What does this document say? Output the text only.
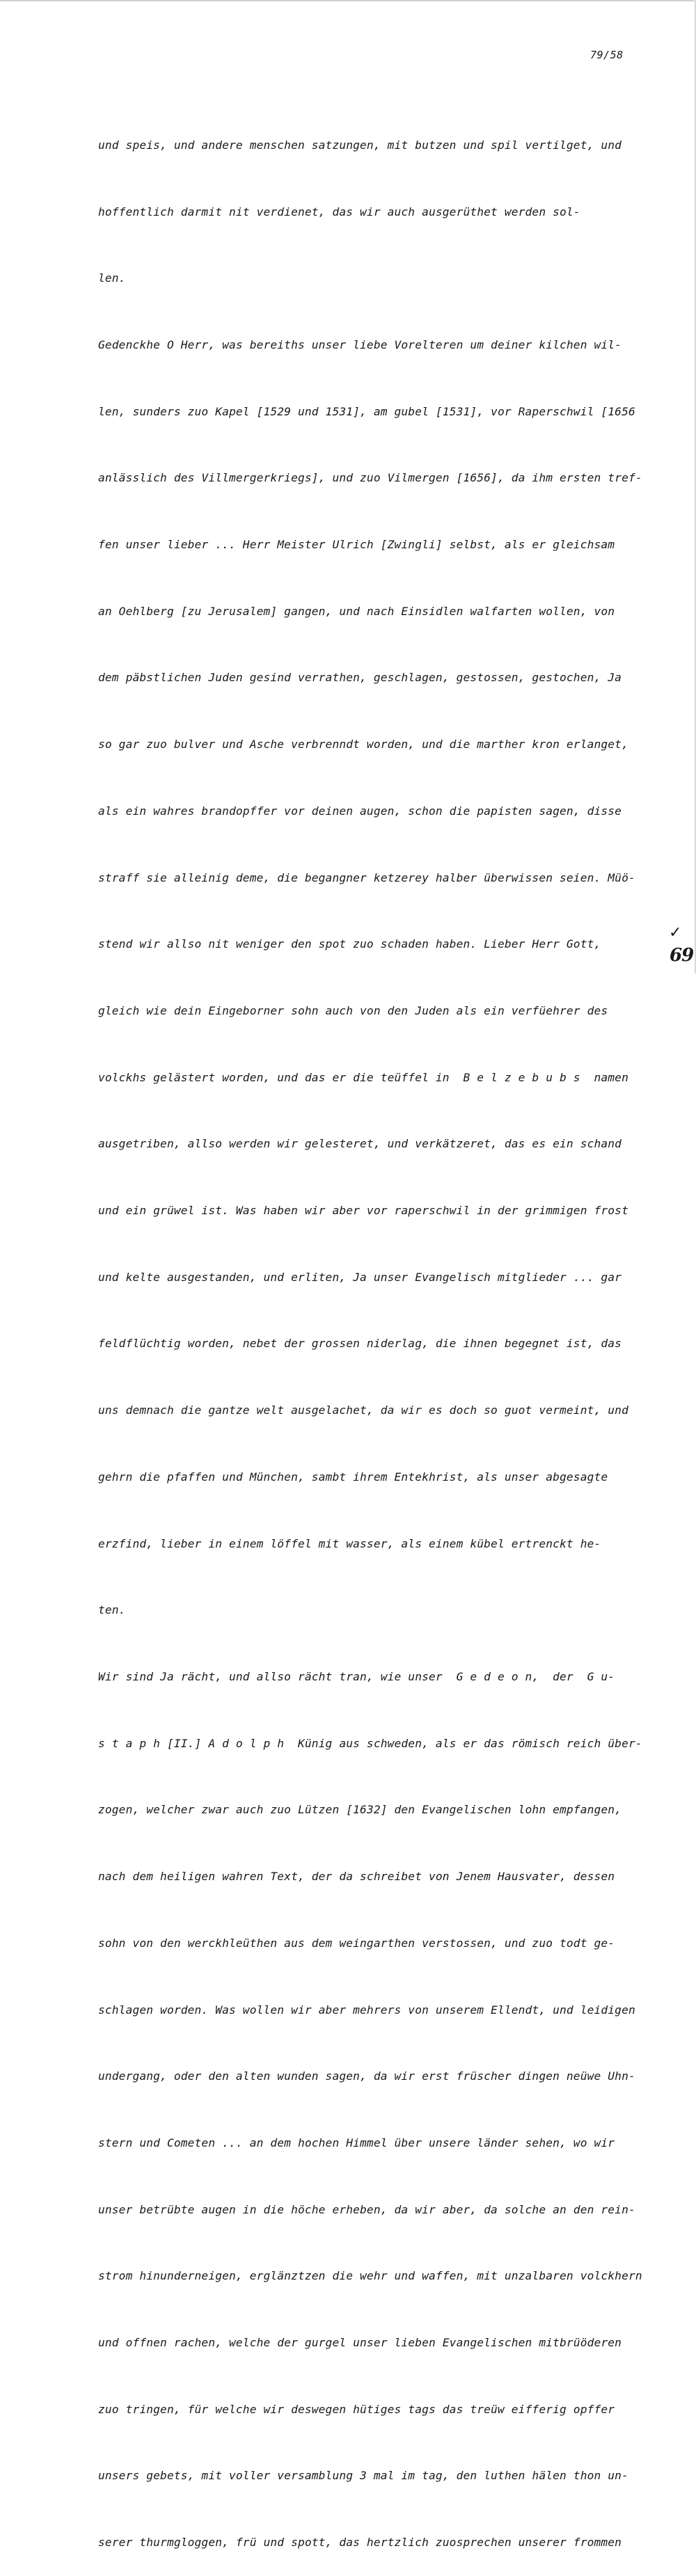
79/58

und speis, und andere menschen satzungen, mit butzen und spil vertilget, und

hoffentlich darmit nit verdienet, das wir auch ausgerüthet werden sol-

len.

Gedenckhe O Herr, was bereiths unser liebe Vorelteren um deiner kilchen wil-

len, sunders zuo Kapel [1529 und 1531], am gubel [1531], vor Raperschwil [1656

anlässlich des Villmergerkriegs], und zuo Vilmergen [1656], da ihm ersten tref-

fen unser lieber ... Herr Meister Ulrich [Zwingli] selbst, als er gleichsam

an Oehlberg [zu Jerusalem] gangen, und nach Einsidlen walfarten wollen, von

dem päbstlichen Juden gesind verrathen, geschlagen, gestossen, gestochen, Ja

so gar zuo bulver und Asche verbrenndt worden, und die marther kron erlanget,

als ein wahres brandopffer vor deinen augen, schon die papisten sagen, disse

straff sie alleinig deme, die begangner ketzerey halber überwissen seien. Müö-

stend wir allso nit weniger den spot zuo schaden haben. Lieber Herr Gott,

gleich wie dein Eingeborner sohn auch von den Juden als ein verfüehrer des

volckhs gelästert worden, und das er die teüffel in  B e l z e b u b s  namen

ausgetriben, allso werden wir gelesteret, und verkätzeret, das es ein schand

und ein grüwel ist. Was haben wir aber vor raperschwil in der grimmigen frost

und kelte ausgestanden, und erliten, Ja unser Evangelisch mitglieder ... gar

feldflüchtig worden, nebet der grossen niderlag, die ihnen begegnet ist, das

uns demnach die gantze welt ausgelachet, da wir es doch so guot vermeint, und

gehrn die pfaffen und München, sambt ihrem Entekhrist, als unser abgesagte

erzfind, lieber in einem löffel mit wasser, als einem kübel ertrenckt he-

ten.

Wir sind Ja rächt, und allso rächt tran, wie unser  G e d e o n,  der  G u-

s t a p h [II.] A d o l p h  Künig aus schweden, als er das römisch reich über-

zogen, welcher zwar auch zuo Lützen [1632] den Evangelischen lohn empfangen,

nach dem heiligen wahren Text, der da schreibet von Jenem Hausvater, dessen

sohn von den werckhleüthen aus dem weingarthen verstossen, und zuo todt ge-

schlagen worden. Was wollen wir aber mehrers von unserem Ellendt, und leidigen

undergang, oder den alten wunden sagen, da wir erst früscher dingen neüwe Uhn-

stern und Cometen ... an dem hochen Himmel über unsere länder sehen, wo wir

unser betrübte augen in die höche erheben, da wir aber, da solche an den rein-

strom hinunderneigen, erglänztzen die wehr und waffen, mit unzalbaren volckhern

und offnen rachen, welche der gurgel unser lieben Evangelischen mitbrüöderen

zuo tringen, für welche wir deswegen hütiges tags das treüw eifferig opffer

unsers gebets, mit voller versamblung 3 mal im tag, den luthen hälen thon un-

serer thurmgloggen, frü und spott, das hertzlich zuosprechen unserer frommen

✓
69
